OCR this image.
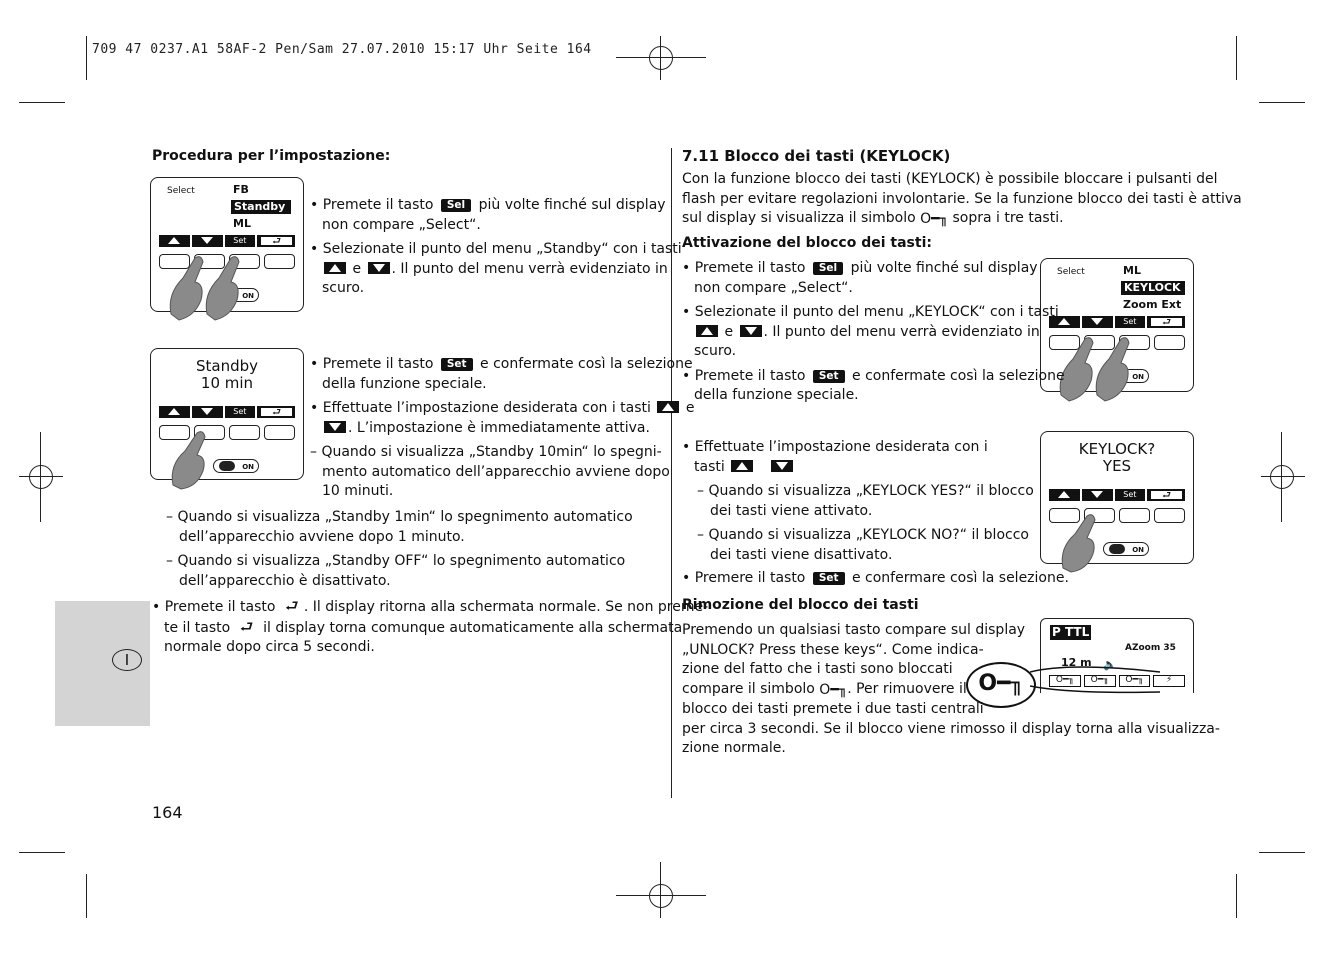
709 47 0237.A1 58AF-2 Pen/Sam 27.07.2010 15:17 Uhr Seite 164
I
164
Procedura per l’impostazione:
Select	FB
Standby
ML
Set	⮐
ON
• Premete il tasto Sel più volte finché sul display
non compare „Select“.
• Selezionate il punto del menu „Standby“ con i tasti
e . Il punto del menu verrà evidenziato in
scuro.
Standby
10 min
Set	⮐
ON
• Premete il tasto Set e confermate così la selezione
della funzione speciale.
• Effettuate l’impostazione desiderata con i tasti  e
. L’impostazione è immediatamente attiva.
– Quando si visualizza „Standby 10min“ lo spegni-
mento automatico dell’apparecchio avviene dopo
10 minuti.
– Quando si visualizza „Standby 1min“ lo spegnimento automatico
dell’apparecchio avviene dopo 1 minuto.
– Quando si visualizza „Standby OFF“ lo spegnimento automatico
dell’apparecchio è disattivato.
• Premete il tasto ⮐ . Il display ritorna alla schermata normale. Se non preme-
te il tasto ⮐ il display torna comunque automaticamente alla schermata
normale dopo circa 5 secondi.
7.11 Blocco dei tasti (KEYLOCK)
Con la funzione blocco dei tasti (KEYLOCK) è possibile bloccare i pulsanti del
flash per evitare regolazioni involontarie. Se la funzione blocco dei tasti è attiva
sul display si visualizza il simbolo O━╖ sopra i tre tasti.
Attivazione del blocco dei tasti:
Select	ML
KEYLOCK
Zoom Ext
Set	⮐
ON
• Premete il tasto Sel più volte finché sul display
non compare „Select“.
• Selezionate il punto del menu „KEYLOCK“ con i tasti
e . Il punto del menu verrà evidenziato in
scuro.
• Premete il tasto Set e confermate così la selezione
della funzione speciale.
KEYLOCK?
YES
Set	⮐
ON
• Effettuate l’impostazione desiderata con i
tasti
– Quando si visualizza „KEYLOCK YES?“ il blocco
dei tasti viene attivato.
– Quando si visualizza „KEYLOCK NO?“ il blocco
dei tasti viene disattivato.
• Premere il tasto Set e confermare così la selezione.
Rimozione del blocco dei tasti
P TTL
AZoom 35
12 m 🔈
O━╖	O━╖	O━╖	⚡
O━╖
Premendo un qualsiasi tasto compare sul display
„UNLOCK? Press these keys“. Come indica-
zione del fatto che i tasti sono bloccati
compare il simbolo O━╖. Per rimuovere il
blocco dei tasti premete i due tasti centrali
per circa 3 secondi. Se il blocco viene rimosso il display torna alla visualizza-
zione normale.
